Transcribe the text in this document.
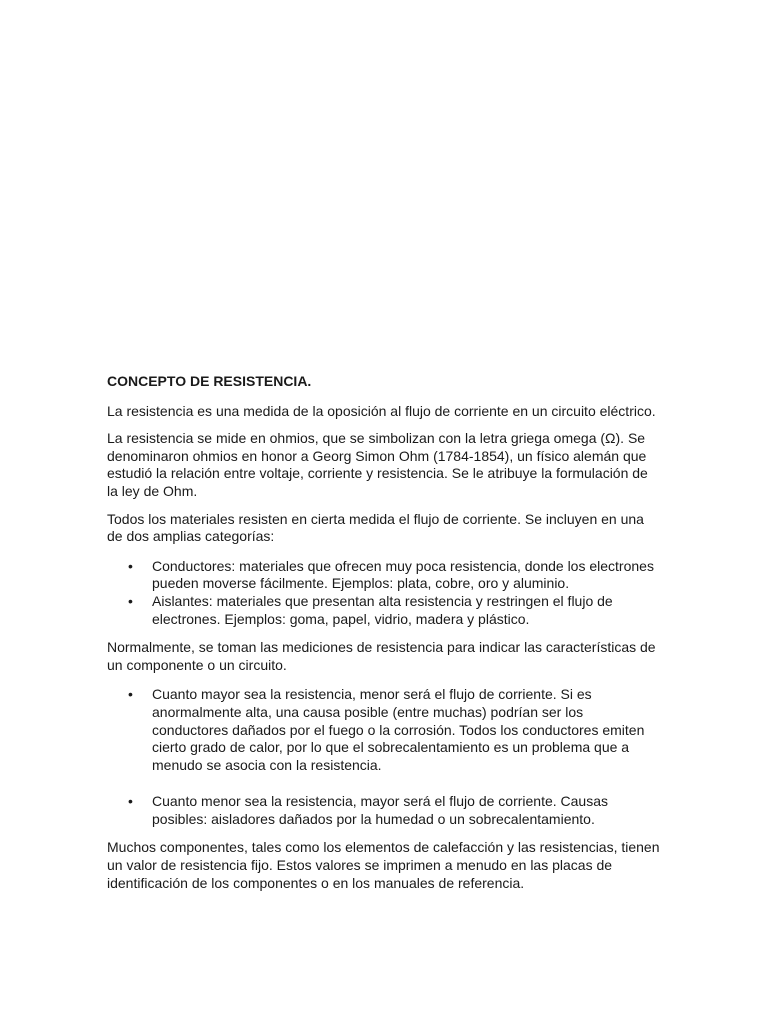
CONCEPTO DE RESISTENCIA.

La resistencia es una medida de la oposición al flujo de corriente en un circuito eléctrico.

La resistencia se mide en ohmios, que se simbolizan con la letra griega omega (Ω). Se denominaron ohmios en honor a Georg Simon Ohm (1784-1854), un físico alemán que estudió la relación entre voltaje, corriente y resistencia. Se le atribuye la formulación de la ley de Ohm.

Todos los materiales resisten en cierta medida el flujo de corriente. Se incluyen en una de dos amplias categorías:

• Conductores: materiales que ofrecen muy poca resistencia, donde los electrones pueden moverse fácilmente. Ejemplos: plata, cobre, oro y aluminio.
• Aislantes: materiales que presentan alta resistencia y restringen el flujo de electrones. Ejemplos: goma, papel, vidrio, madera y plástico.

Normalmente, se toman las mediciones de resistencia para indicar las características de un componente o un circuito.

• Cuanto mayor sea la resistencia, menor será el flujo de corriente. Si es anormalmente alta, una causa posible (entre muchas) podrían ser los conductores dañados por el fuego o la corrosión. Todos los conductores emiten cierto grado de calor, por lo que el sobrecalentamiento es un problema que a menudo se asocia con la resistencia.
• Cuanto menor sea la resistencia, mayor será el flujo de corriente. Causas posibles: aisladores dañados por la humedad o un sobrecalentamiento.

Muchos componentes, tales como los elementos de calefacción y las resistencias, tienen un valor de resistencia fijo. Estos valores se imprimen a menudo en las placas de identificación de los componentes o en los manuales de referencia.
